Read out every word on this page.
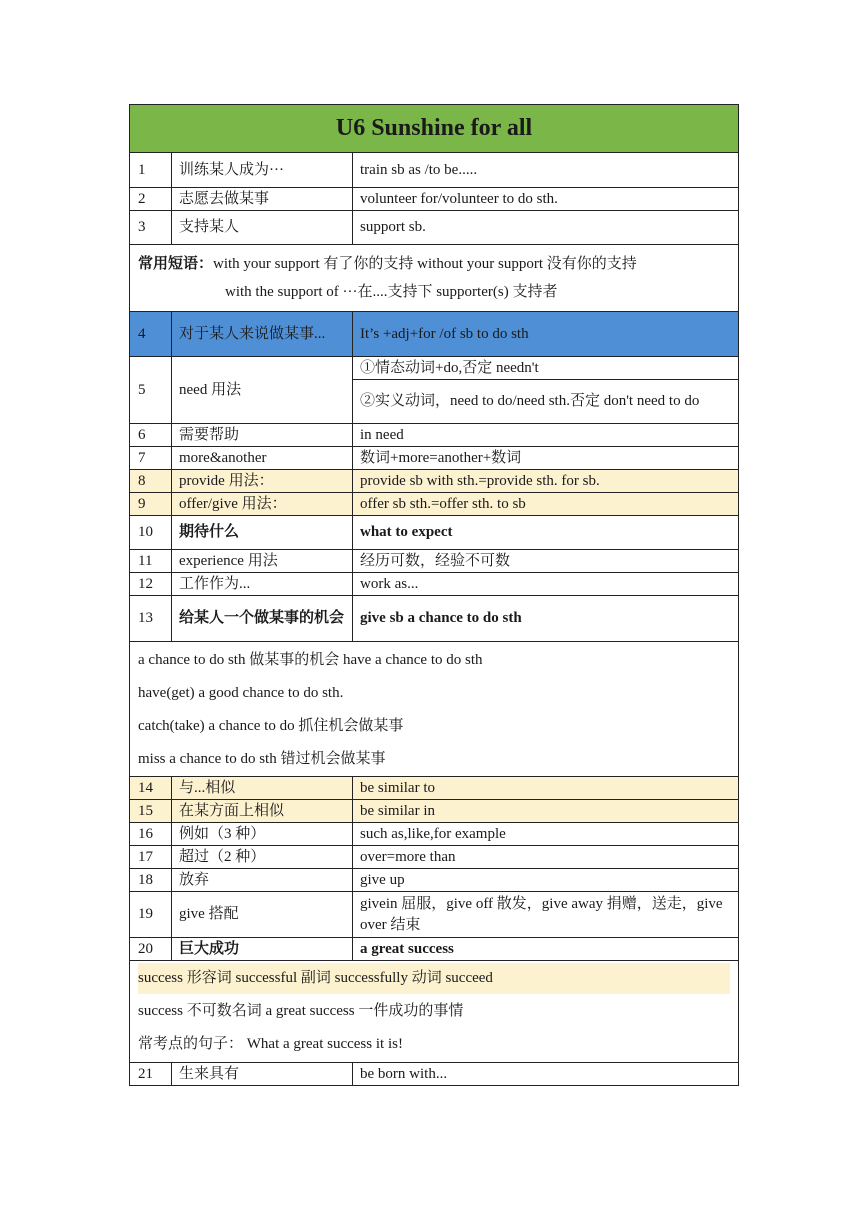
U6 Sunshine for all		
1	训练某人成为···	train sb as /to be.....
2	志愿去做某事	volunteer for/volunteer to do sth.
3	支持某人	support sb.

常用短语：with your support 有了你的支持 without your support 没有你的支持
with the support of ···在....支持下 supporter(s) 支持者		

4	对于某人来说做某事...	It’s +adj+for /of sb to do sth
5	need 用法	①情态动词+do,否定 needn't
		②实义动词，need to do/need sth.否定 don't need to do
6	需要帮助	in need
7	more&another	数词+more=another+数词
8	provide 用法：	provide sb with sth.=provide sth. for sb.
9	offer/give 用法：	offer sb sth.=offer sth. to sb
10	期待什么	what to expect
11	experience 用法	经历可数，经验不可数
12	工作作为...	work as...
13	给某人一个做某事的机会	give sb a chance to do sth

a chance to do sth 做某事的机会 have a chance to do sth
have(get) a good chance to do sth.
catch(take) a chance to do 抓住机会做某事
miss a chance to do sth 错过机会做某事		

14	与...相似	be similar to
15	在某方面上相似	be similar in
16	例如（3 种）	such as,like,for example
17	超过（2 种）	over=more than
18	放弃	give up
19	give 搭配	givein 屈服，give off 散发，give away 捐赠，送走，give over 结束
20	巨大成功	a great success

success 形容词 successful 副词 successfully 动词 succeed
success 不可数名词 a great success 一件成功的事情
常考点的句子： What a great success it is!		

21	生来具有	be born with...
